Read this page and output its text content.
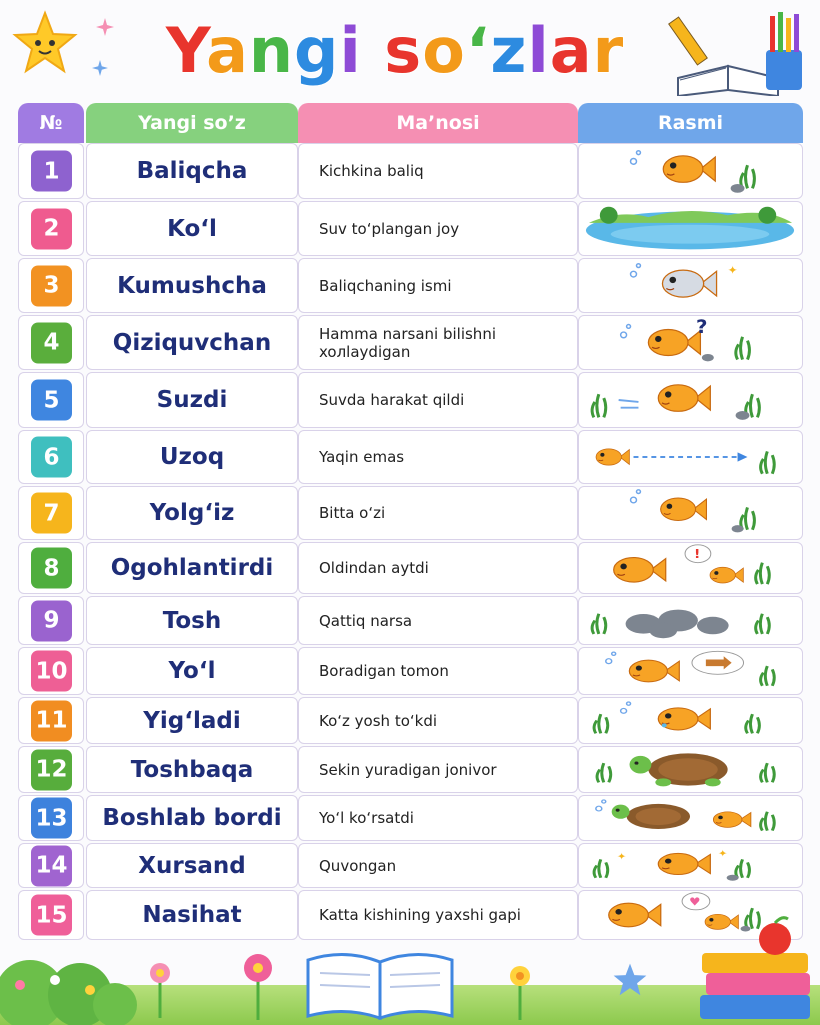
Yangi so‘zlar
№	Yangi so’z	Ma’nosi	Rasmi
1	Baliqcha	Kichkina baliq
2	Ko‘l	Suv to‘plangan joy
3	Kumushcha	Baliqchaning ismi
✦
4	Qiziquvchan	Hamma narsani bilishni xoлlaydigan
?
5	Suzdi	Suvda harakat qildi
6	Uzoq	Yaqin emas
7	Yolg‘iz	Bitta o‘zi
8	Ogohlantirdi	Oldindan aytdi
!
9	Tosh	Qattiq narsa
10	Yo‘l	Boradigan tomon
11	Yig‘ladi	Ko‘z yosh to‘kdi
12	Toshbaqa	Sekin yuradigan jonivor
13	Boshlab bordi	Yo‘l ko‘rsatdi
14	Xursand	Quvongan
✦	✦
15	Nasihat	Katta kishining yaxshi gapi
♥
